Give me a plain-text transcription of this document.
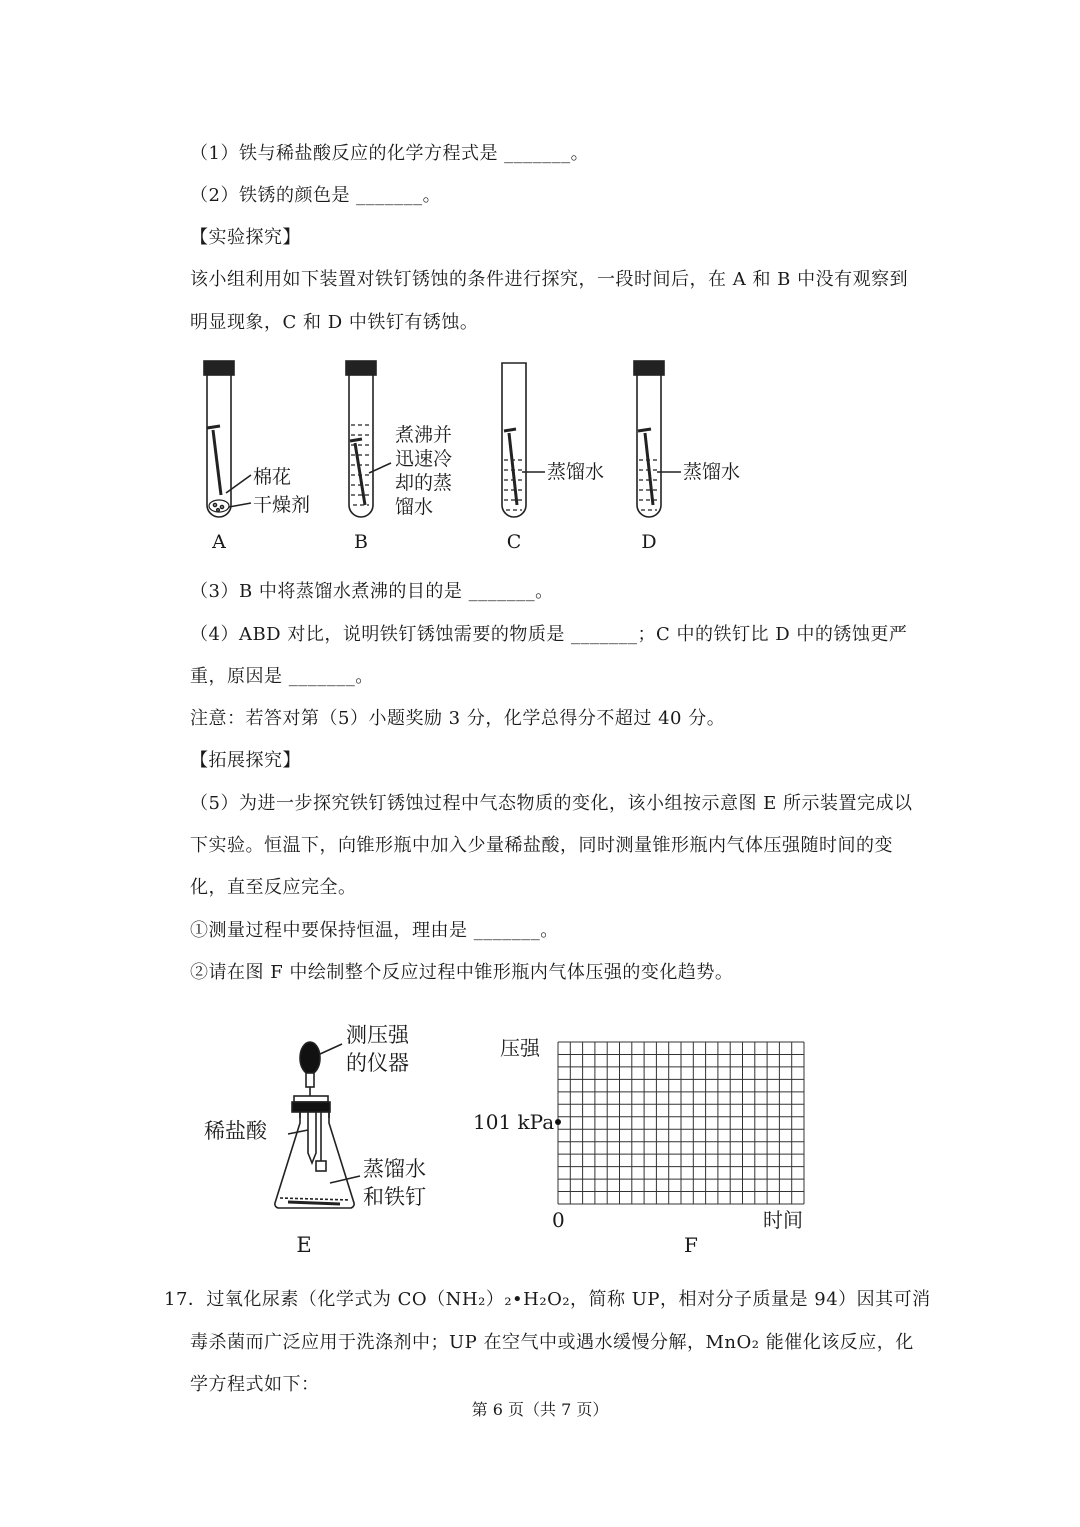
（1）铁与稀盐酸反应的化学方程式是 _______。
（2）铁锈的颜色是 _______。
【实验探究】
该小组利用如下装置对铁钉锈蚀的条件进行探究，一段时间后，在 A 和 B 中没有观察到
明显现象，C 和 D 中铁钉有锈蚀。
棉花
干燥剂
A
煮沸并
迅速冷
却的蒸
馏水
B
蒸馏水
C
蒸馏水
D
（3）B 中将蒸馏水煮沸的目的是 _______。
（4）ABD 对比，说明铁钉锈蚀需要的物质是 _______；C 中的铁钉比 D 中的锈蚀更严
重，原因是 _______。
注意：若答对第（5）小题奖励 3 分，化学总得分不超过 40 分。
【拓展探究】
（5）为进一步探究铁钉锈蚀过程中气态物质的变化，该小组按示意图 E 所示装置完成以
下实验。恒温下，向锥形瓶中加入少量稀盐酸，同时测量锥形瓶内气体压强随时间的变
化，直至反应完全。
①测量过程中要保持恒温，理由是 _______。
②请在图 F 中绘制整个反应过程中锥形瓶内气体压强的变化趋势。
测压强
的仪器
稀盐酸
蒸馏水
和铁钉
E
压强
101 kPa
0	时间
F
17．过氧化尿素（化学式为 CO（NH₂）₂•H₂O₂，简称 UP，相对分子质量是 94）因其可消
毒杀菌而广泛应用于洗涤剂中；UP 在空气中或遇水缓慢分解，MnO₂ 能催化该反应，化
学方程式如下：
第 6 页（共 7 页）
